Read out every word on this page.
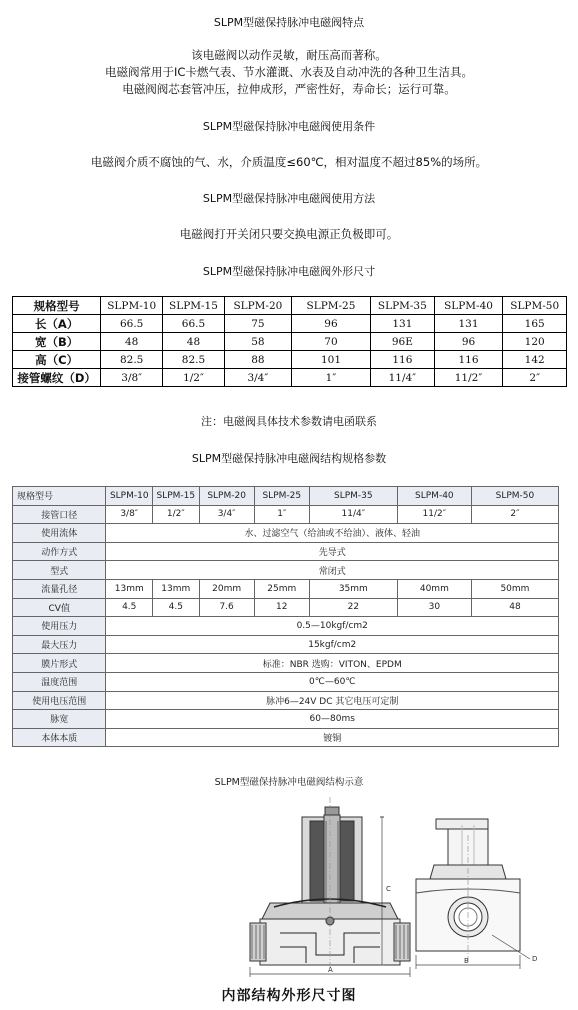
SLPM型磁保持脉冲电磁阀特点
该电磁阀以动作灵敏，耐压高而著称。
电磁阀常用于IC卡燃气表、节水灌溉、水表及自动冲洗的各种卫生洁具。
电磁阀阀芯套管冲压，拉伸成形，严密性好，寿命长；运行可靠。
SLPM型磁保持脉冲电磁阀使用条件
电磁阀介质不腐蚀的气、水，介质温度≤60℃，相对温度不超过85%的场所。
SLPM型磁保持脉冲电磁阀使用方法
电磁阀打开关闭只要交换电源正负极即可。
SLPM型磁保持脉冲电磁阀外形尺寸
规格型号	SLPM-10	SLPM-15	SLPM-20	SLPM-25	SLPM-35	SLPM-40	SLPM-50
长（A）	66.5	66.5	75	96	131	131	165
宽（B）	48	48	58	70	96E	96	120
高（C）	82.5	82.5	88	101	116	116	142
接管螺纹（D）	3/8″	1/2″	3/4″	1″	11/4″	11/2″	2″
注：电磁阀具体技术参数请电函联系
SLPM型磁保持脉冲电磁阀结构规格参数
规格型号	SLPM-10	SLPM-15	SLPM-20	SLPM-25	SLPM-35	SLPM-40	SLPM-50
接管口径	3/8″	1/2″	3/4″	1″	11/4″	11/2″	2″
使用流体	水、过滤空气（给油或不给油）、液体、轻油						
动作方式	先导式						
型式	常闭式						
流量孔径	13mm	13mm	20mm	25mm	35mm	40mm	50mm
CV值	4.5	4.5	7.6	12	22	30	48
使用压力	0.5—10kgf/cm2						
最大压力	15kgf/cm2						
膜片形式	标准：NBR 选购：VITON、EPDM						
温度范围	0℃—60℃						
使用电压范围	脉冲6—24V DC 其它电压可定制						
脉宽	60—80ms						
本体本质	镀铜						
SLPM型磁保持脉冲电磁阀结构示意
C
A
B	D
内部结构外形尺寸图
